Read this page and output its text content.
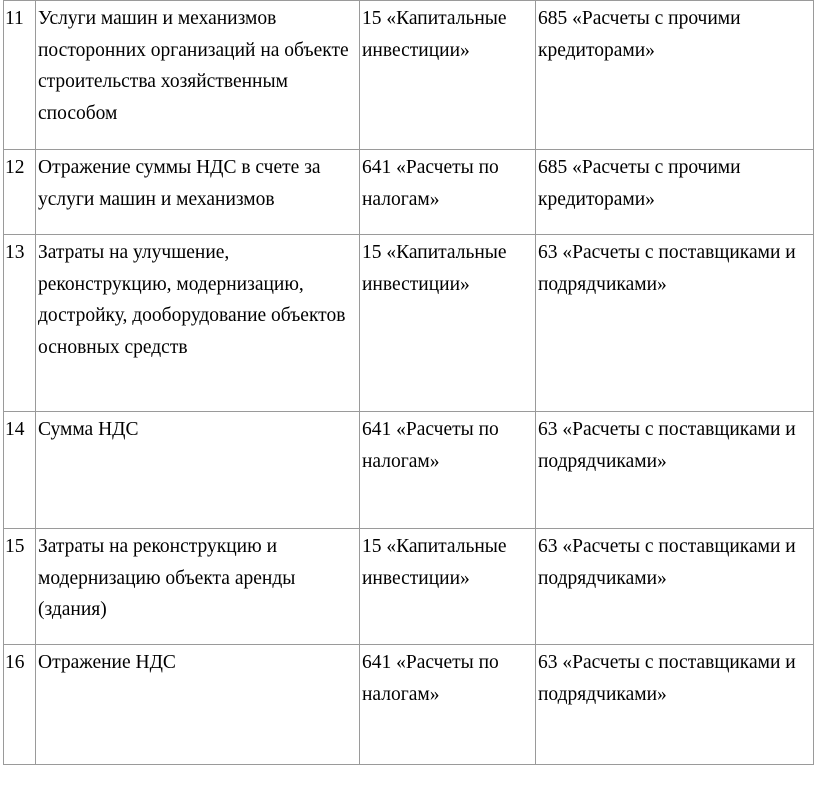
11	Услуги машин и механизмов посторонних организаций на объекте строительства хозяйственным способом	15 «Капитальные инвестиции»	685 «Расчеты с прочими кредиторами»
12	Отражение суммы НДС в счете за услуги машин и механизмов	641 «Расчеты по налогам»	685 «Расчеты с прочими кредиторами»
13	Затраты на улучшение, реконструкцию, модернизацию, достройку, дооборудование объектов основных средств	15 «Капитальные инвестиции»	63 «Расчеты с поставщиками и подрядчиками»
14	Сумма НДС	641 «Расчеты по налогам»	63 «Расчеты с поставщиками и подрядчиками»
15	Затраты на реконструкцию и модернизацию объекта аренды (здания)	15 «Капитальные инвестиции»	63 «Расчеты с поставщиками и подрядчиками»
16	Отражение НДС	641 «Расчеты по налогам»	63 «Расчеты с поставщиками и подрядчиками»
